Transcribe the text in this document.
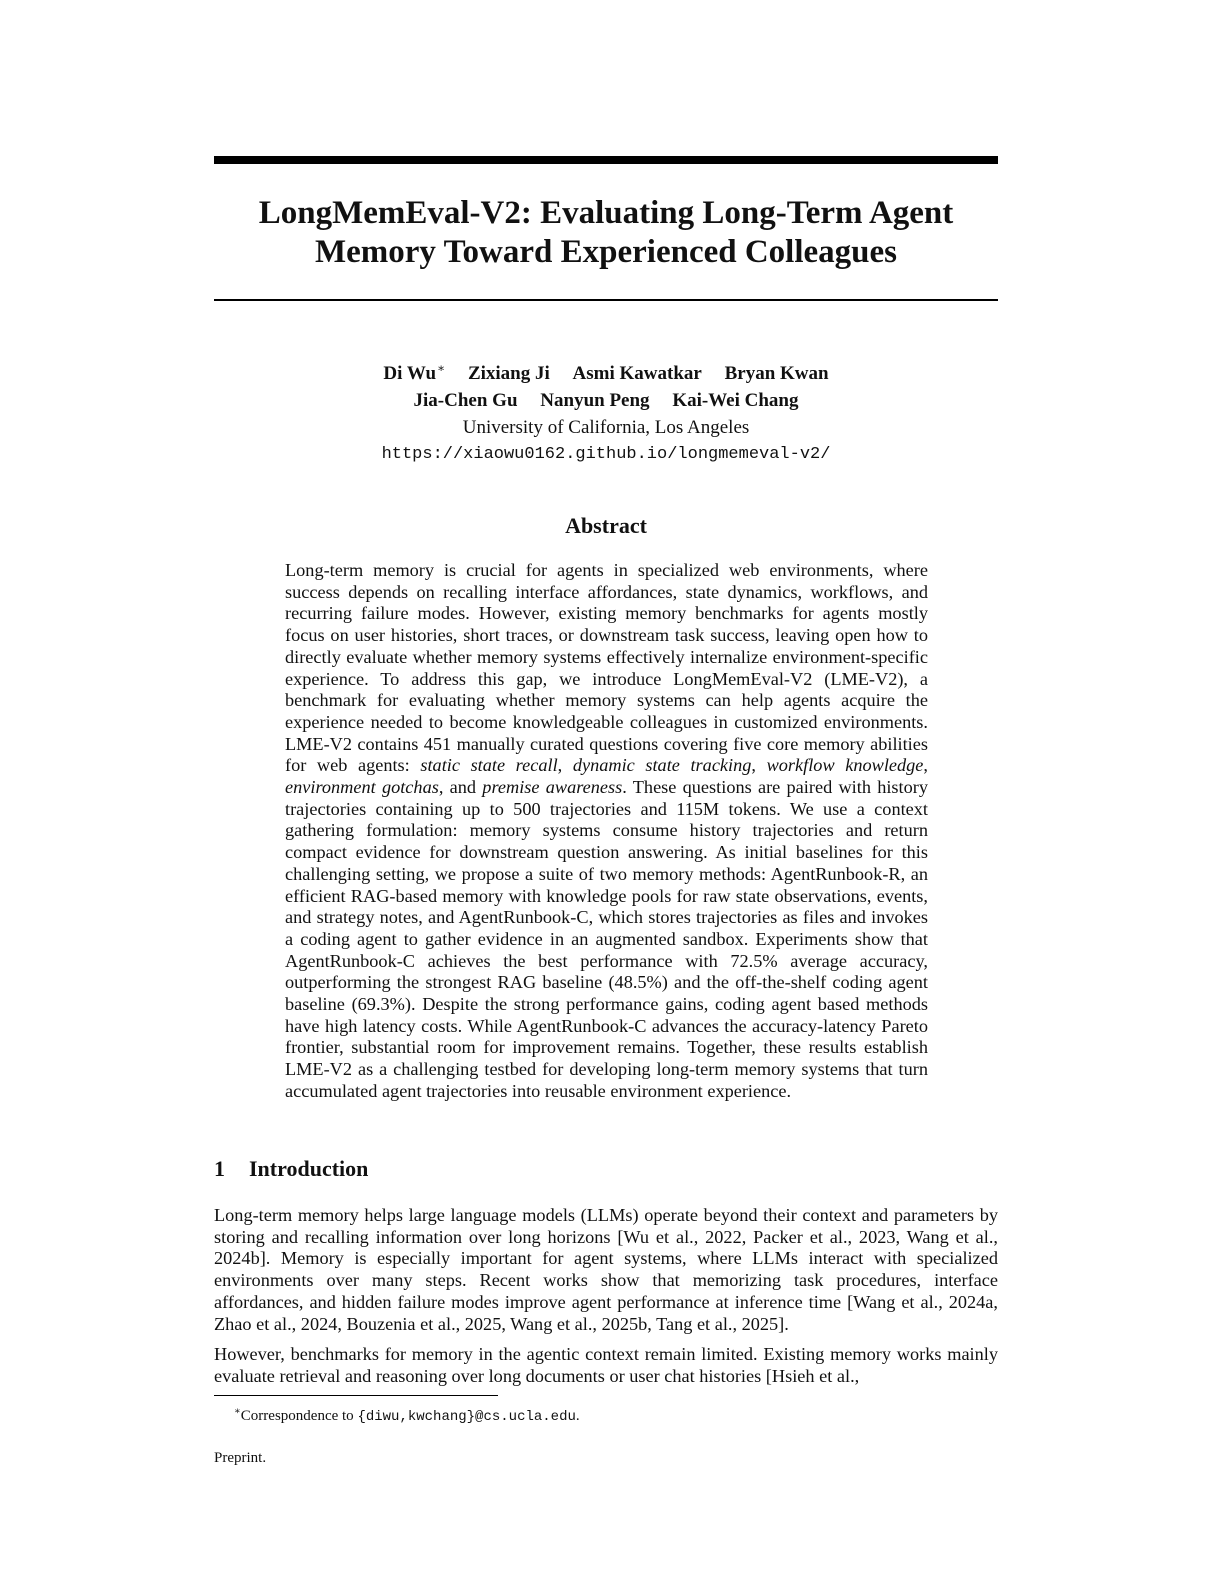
LongMemEval-V2: Evaluating Long-Term Agent
Memory Toward Experienced Colleagues
Di Wu∗ Zixiang Ji Asmi Kawatkar Bryan Kwan
Jia-Chen Gu Nanyun Peng Kai-Wei Chang
University of California, Los Angeles
https://xiaowu0162.github.io/longmemeval-v2/
Abstract

Long-term memory is crucial for agents in specialized web environments, where success depends on recalling interface affordances, state dynamics, workflows, and recurring failure modes. However, existing memory benchmarks for agents mostly focus on user histories, short traces, or downstream task success, leaving open how to directly evaluate whether memory systems effectively internalize environment-specific experience. To address this gap, we introduce LongMemEval-V2 (LME-V2), a benchmark for evaluating whether memory systems can help agents acquire the experience needed to become knowledgeable colleagues in customized environments. LME-V2 contains 451 manually curated questions covering five core memory abilities for web agents: static state recall, dynamic state tracking, workflow knowledge, environment gotchas, and premise awareness. These questions are paired with history trajectories containing up to 500 trajectories and 115M tokens. We use a context gathering formulation: memory systems consume history trajectories and return compact evidence for downstream question answering. As initial baselines for this challenging setting, we propose a suite of two memory methods: AgentRunbook-R, an efficient RAG-based memory with knowledge pools for raw state observations, events, and strategy notes, and AgentRunbook-C, which stores trajectories as files and invokes a coding agent to gather evidence in an augmented sandbox. Experiments show that AgentRunbook-C achieves the best performance with 72.5% average accuracy, outperforming the strongest RAG baseline (48.5%) and the off-the-shelf coding agent baseline (69.3%). Despite the strong performance gains, coding agent based methods have high latency costs. While AgentRunbook-C advances the accuracy-latency Pareto frontier, substantial room for improvement remains. Together, these results establish LME-V2 as a challenging testbed for developing long-term memory systems that turn accumulated agent trajectories into reusable environment experience.

1 Introduction

Long-term memory helps large language models (LLMs) operate beyond their context and parameters by storing and recalling information over long horizons [Wu et al., 2022, Packer et al., 2023, Wang et al., 2024b]. Memory is especially important for agent systems, where LLMs interact with specialized environments over many steps. Recent works show that memorizing task procedures, interface affordances, and hidden failure modes improve agent performance at inference time [Wang et al., 2024a, Zhao et al., 2024, Bouzenia et al., 2025, Wang et al., 2025b, Tang et al., 2025].

However, benchmarks for memory in the agentic context remain limited. Existing memory works mainly evaluate retrieval and reasoning over long documents or user chat histories [Hsieh et al.,

∗Correspondence to {diwu,kwchang}@cs.ucla.edu.
Preprint.
